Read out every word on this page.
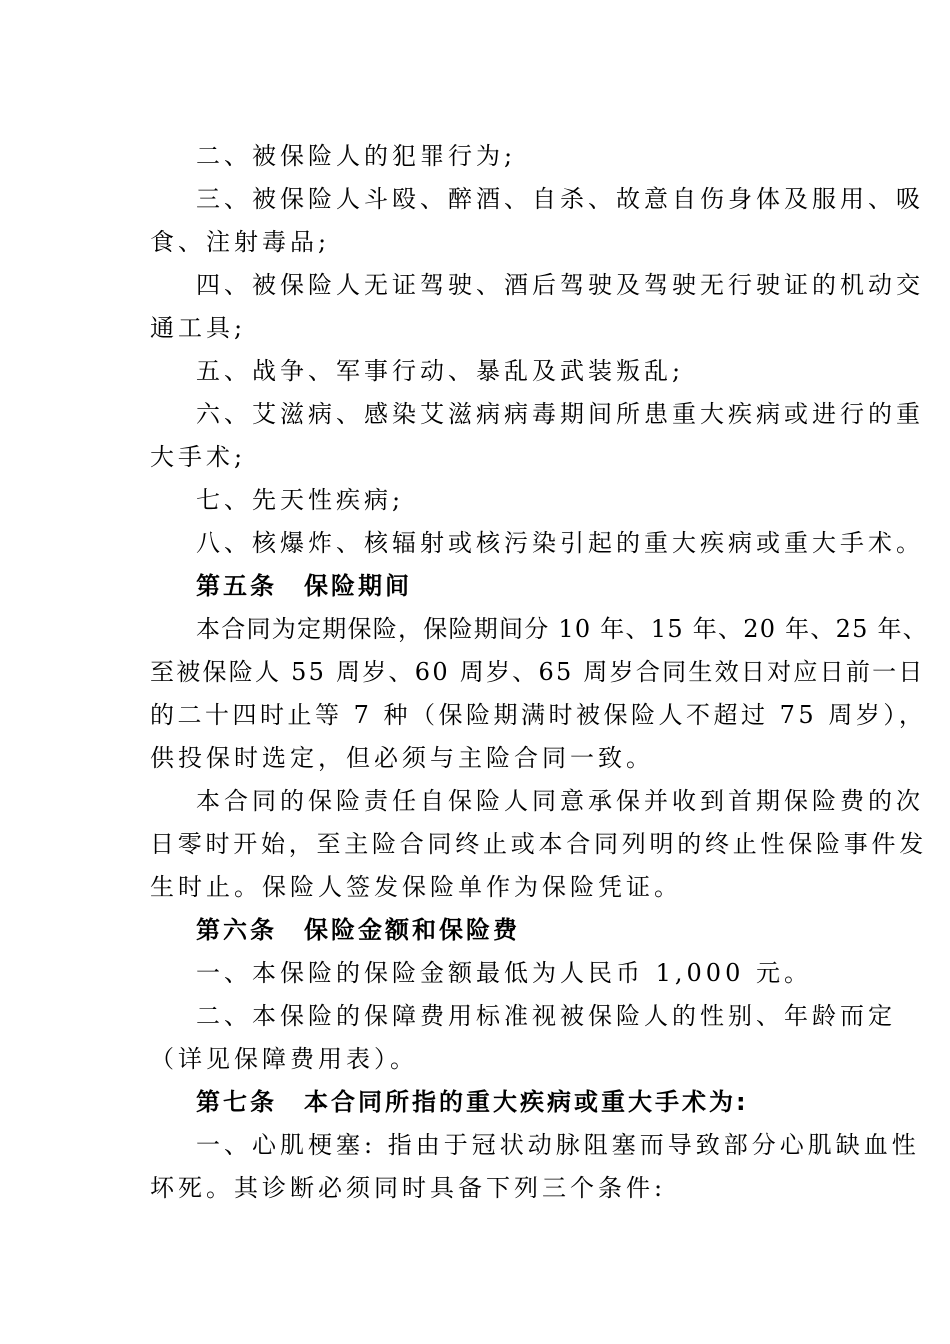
二、被保险人的犯罪行为;
三、被保险人斗殴、醉酒、自杀、故意自伤身体及服用、吸
食、注射毒品;
四、被保险人无证驾驶、酒后驾驶及驾驶无行驶证的机动交
通工具;
五、战争、军事行动、暴乱及武装叛乱;
六、艾滋病、感染艾滋病病毒期间所患重大疾病或进行的重
大手术;
七、先天性疾病;
八、核爆炸、核辐射或核污染引起的重大疾病或重大手术。
第五条　保险期间
本合同为定期保险，保险期间分 10 年、15 年、20 年、25 年、
至被保险人 55 周岁、60 周岁、65 周岁合同生效日对应日前一日
的二十四时止等 7 种（保险期满时被保险人不超过 75 周岁），
供投保时选定，但必须与主险合同一致。
本合同的保险责任自保险人同意承保并收到首期保险费的次
日零时开始，至主险合同终止或本合同列明的终止性保险事件发
生时止。保险人签发保险单作为保险凭证。
第六条　保险金额和保险费
一、本保险的保险金额最低为人民币 1,000 元。
二、本保险的保障费用标准视被保险人的性别、年龄而定
（详见保障费用表）。
第七条　本合同所指的重大疾病或重大手术为:
一、心肌梗塞: 指由于冠状动脉阻塞而导致部分心肌缺血性
坏死。其诊断必须同时具备下列三个条件:
